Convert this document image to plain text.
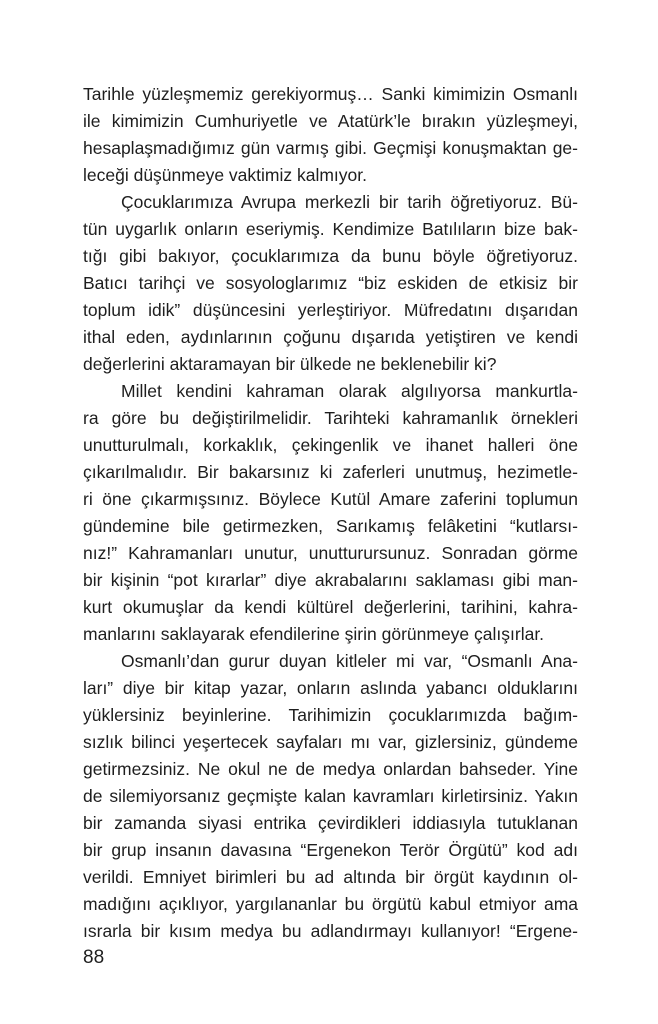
Tarihle yüzleşmemiz gerekiyormuş… Sanki kimimizin Osmanlı
ile kimimizin Cumhuriyetle ve Atatürk’le bırakın yüzleşmeyi,
hesaplaşmadığımız gün varmış gibi. Geçmişi konuşmaktan ge-
leceği düşünmeye vaktimiz kalmıyor.
Çocuklarımıza Avrupa merkezli bir tarih öğretiyoruz. Bü-
tün uygarlık onların eseriymiş. Kendimize Batılıların bize bak-
tığı gibi bakıyor, çocuklarımıza da bunu böyle öğretiyoruz.
Batıcı tarihçi ve sosyologlarımız “biz eskiden de etkisiz bir
toplum idik” düşüncesini yerleştiriyor. Müfredatını dışarıdan
ithal eden, aydınlarının çoğunu dışarıda yetiştiren ve kendi
değerlerini aktaramayan bir ülkede ne beklenebilir ki?
Millet kendini kahraman olarak algılıyorsa mankurtla-
ra göre bu değiştirilmelidir. Tarihteki kahramanlık örnekleri
unutturulmalı, korkaklık, çekingenlik ve ihanet halleri öne
çıkarılmalıdır. Bir bakarsınız ki zaferleri unutmuş, hezimetle-
ri öne çıkarmışsınız. Böylece Kutül Amare zaferini toplumun
gündemine bile getirmezken, Sarıkamış felâketini “kutlarsı-
nız!” Kahramanları unutur, unutturursunuz. Sonradan görme
bir kişinin “pot kırarlar” diye akrabalarını saklaması gibi man-
kurt okumuşlar da kendi kültürel değerlerini, tarihini, kahra-
manlarını saklayarak efendilerine şirin görünmeye çalışırlar.
Osmanlı’dan gurur duyan kitleler mi var, “Osmanlı Ana-
ları” diye bir kitap yazar, onların aslında yabancı olduklarını
yüklersiniz beyinlerine. Tarihimizin çocuklarımızda bağım-
sızlık bilinci yeşertecek sayfaları mı var, gizlersiniz, gündeme
getirmezsiniz. Ne okul ne de medya onlardan bahseder. Yine
de silemiyorsanız geçmişte kalan kavramları kirletirsiniz. Yakın
bir zamanda siyasi entrika çevirdikleri iddiasıyla tutuklanan
bir grup insanın davasına “Ergenekon Terör Örgütü” kod adı
verildi. Emniyet birimleri bu ad altında bir örgüt kaydının ol-
madığını açıklıyor, yargılananlar bu örgütü kabul etmiyor ama
ısrarla bir kısım medya bu adlandırmayı kullanıyor! “Ergene-
88
